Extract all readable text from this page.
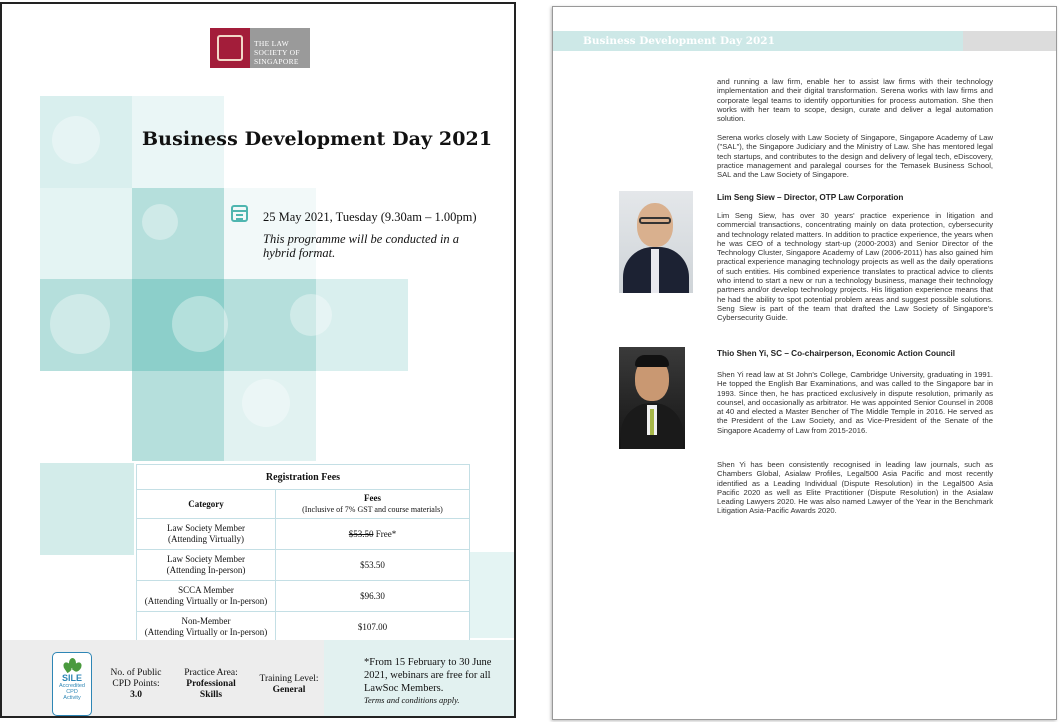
THE LAW SOCIETY OF SINGAPORE
Business Development Day 2021
25 May 2021, Tuesday (9.30am – 1.00pm)
This programme will be conducted in a hybrid format.
Registration Fees	
Category	Fees
(Inclusive of 7% GST and course materials)

Law Society Member
(Attending Virtually)	$53.50 Free*
Law Society Member
(Attending In-person)	$53.50
SCCA Member
(Attending Virtually or In-person)	$96.30
Non-Member
(Attending Virtually or In-person)	$107.00
SILE
Accredited
CPD
Activity
No. of Public
CPD Points:
3.0
Practice Area:
Professional
Skills
Training Level:
General
*From 15 February to 30 June 2021, webinars are free for all LawSoc Members.
Terms and conditions apply.
Business Development Day 2021
and running a law firm, enable her to assist law firms with their technology implementation and their digital transformation. Serena works with law firms and corporate legal teams to identify opportunities for process automation. She then works with her team to scope, design, curate and deliver a legal automation solution.
Serena works closely with Law Society of Singapore, Singapore Academy of Law ("SAL"), the Singapore Judiciary and the Ministry of Law. She has mentored legal tech startups, and contributes to the design and delivery of legal tech, eDiscovery, practice management and paralegal courses for the Temasek Business School, SAL and the Law Society of Singapore.
Lim Seng Siew – Director, OTP Law Corporation
Lim Seng Siew, has over 30 years' practice experience in litigation and commercial transactions, concentrating mainly on data protection, cybersecurity and technology related matters. In addition to practice experience, the years when he was CEO of a technology start-up (2000-2003) and Senior Director of the Technology Cluster, Singapore Academy of Law (2006-2011) has also gained him practical experience managing technology projects as well as the daily operations of such entities. His combined experience translates to practical advice to clients who intend to start a new or run a technology business, manage their technology partners and/or develop technology projects. His litigation experience means that he had the ability to spot potential problem areas and suggest possible solutions. Seng Siew is part of the team that drafted the Law Society of Singapore's Cybersecurity Guide.
Thio Shen Yi, SC – Co-chairperson, Economic Action Council
Shen Yi read law at St John's College, Cambridge University, graduating in 1991. He topped the English Bar Examinations, and was called to the Singapore bar in 1993. Since then, he has practiced exclusively in dispute resolution, primarily as counsel, and occasionally as arbitrator. He was appointed Senior Counsel in 2008 at 40 and elected a Master Bencher of The Middle Temple in 2016. He served as the President of the Law Society, and as Vice-President of the Senate of the Singapore Academy of Law from 2015-2016.
Shen Yi has been consistently recognised in leading law journals, such as Chambers Global, Asialaw Profiles, Legal500 Asia Pacific and most recently identified as a Leading Individual (Dispute Resolution) in the Legal500 Asia Pacific 2020 as well as Elite Practitioner (Dispute Resolution) in the Asialaw Leading Lawyers 2020. He was also named Lawyer of the Year in the Benchmark Litigation Asia-Pacific Awards 2020.
